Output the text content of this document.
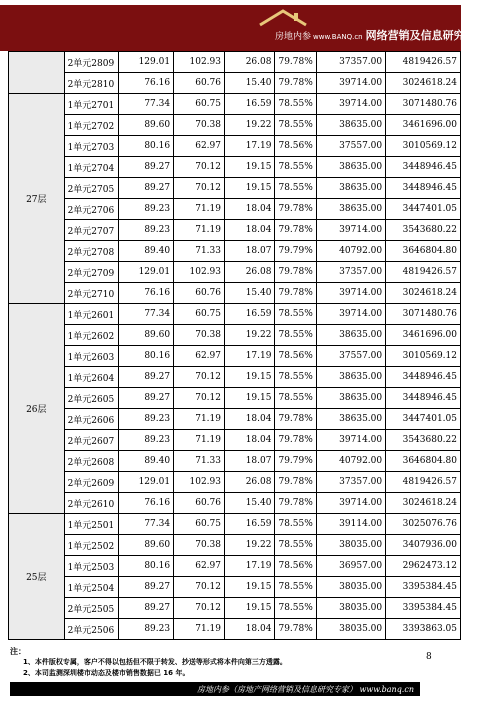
房地内参 www.BANQ.cn 网络营销及信息研究专家
	2单元2809	129.01	102.93	26.08	79.78%	37357.00	4819426.57
	2单元2810	76.16	60.76	15.40	79.78%	39714.00	3024618.24
27层	1单元2701	77.34	60.75	16.59	78.55%	39714.00	3071480.76
	1单元2702	89.60	70.38	19.22	78.55%	38635.00	3461696.00
	1单元2703	80.16	62.97	17.19	78.56%	37557.00	3010569.12
	1单元2704	89.27	70.12	19.15	78.55%	38635.00	3448946.45
	2单元2705	89.27	70.12	19.15	78.55%	38635.00	3448946.45
	2单元2706	89.23	71.19	18.04	79.78%	38635.00	3447401.05
	2单元2707	89.23	71.19	18.04	79.78%	39714.00	3543680.22
	2单元2708	89.40	71.33	18.07	79.79%	40792.00	3646804.80
	2单元2709	129.01	102.93	26.08	79.78%	37357.00	4819426.57
	2单元2710	76.16	60.76	15.40	79.78%	39714.00	3024618.24
26层	1单元2601	77.34	60.75	16.59	78.55%	39714.00	3071480.76
	1单元2602	89.60	70.38	19.22	78.55%	38635.00	3461696.00
	1单元2603	80.16	62.97	17.19	78.56%	37557.00	3010569.12
	1单元2604	89.27	70.12	19.15	78.55%	38635.00	3448946.45
	2单元2605	89.27	70.12	19.15	78.55%	38635.00	3448946.45
	2单元2606	89.23	71.19	18.04	79.78%	38635.00	3447401.05
	2单元2607	89.23	71.19	18.04	79.78%	39714.00	3543680.22
	2单元2608	89.40	71.33	18.07	79.79%	40792.00	3646804.80
	2单元2609	129.01	102.93	26.08	79.78%	37357.00	4819426.57
	2单元2610	76.16	60.76	15.40	79.78%	39714.00	3024618.24
25层	1单元2501	77.34	60.75	16.59	78.55%	39114.00	3025076.76
	1单元2502	89.60	70.38	19.22	78.55%	38035.00	3407936.00
	1单元2503	80.16	62.97	17.19	78.56%	36957.00	2962473.12
	1单元2504	89.27	70.12	19.15	78.55%	38035.00	3395384.45
	2单元2505	89.27	70.12	19.15	78.55%	38035.00	3395384.45
	2单元2506	89.23	71.19	18.04	79.78%	38035.00	3393863.05
注：
1、本件版权专属，客户不得以包括但不限于转发、抄送等形式将本件向第三方透露。
2、本司监测深圳楼市动态及楼市销售数据已 16 年。
8
房地内参（房地产网络营销及信息研究专家） www.banq.cn
